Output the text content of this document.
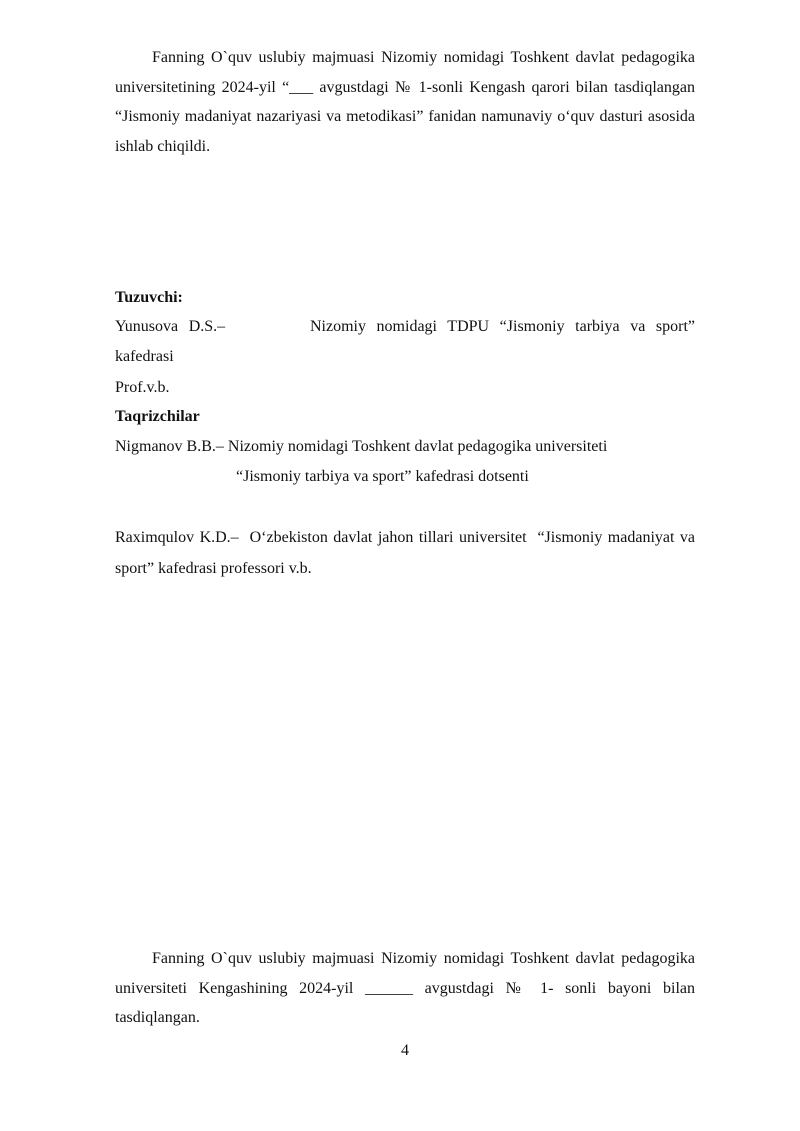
Fanning O`quv uslubiy majmuasi Nizomiy nomidagi Toshkent davlat pedagogika universitetining 2024-yil “___ avgustdagi № 1-sonli Kengash qarori bilan tasdiqlangan “Jismoniy madaniyat nazariyasi va metodikasi” fanidan namunaviy o‘quv dasturi asosida ishlab chiqildi.

Tuzuvchi:
Yunusova D.S.–        Nizomiy nomidagi TDPU “Jismoniy tarbiya va sport”
kafedrasi
Prof.v.b.
Taqrizchilar
Nigmanov B.B.– Nizomiy nomidagi Toshkent davlat pedagogika universiteti
“Jismoniy tarbiya va sport” kafedrasi dotsenti

Raximqulov K.D.–  O‘zbekiston davlat jahon tillari universitet  “Jismoniy madaniyat va sport” kafedrasi professori v.b.

Fanning O`quv uslubiy majmuasi Nizomiy nomidagi Toshkent davlat pedagogika universiteti Kengashining 2024-yil ______ avgustdagi № 1- sonli bayoni bilan tasdiqlangan.

4
